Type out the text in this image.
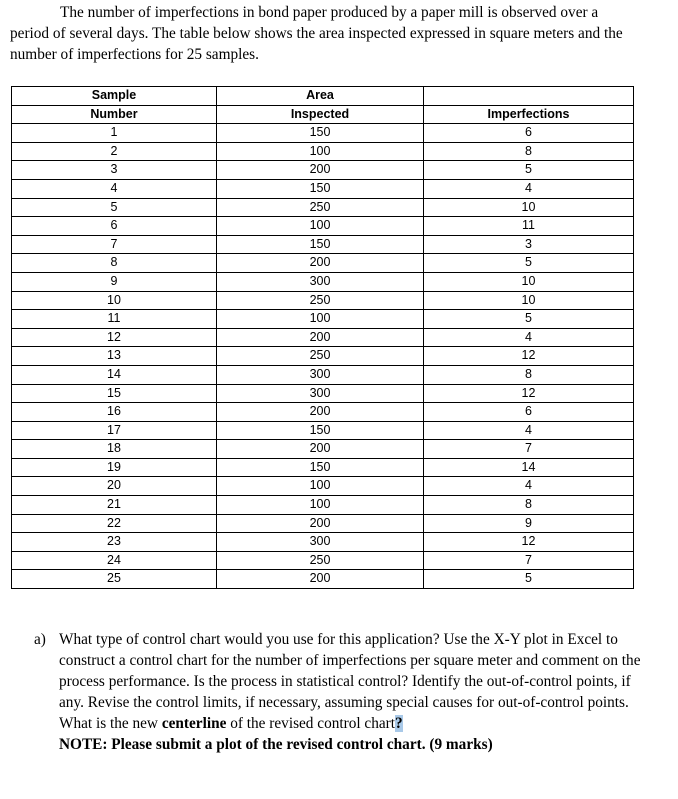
The number of imperfections in bond paper produced by a paper mill is observed over a period of several days. The table below shows the area inspected expressed in square meters and the number of imperfections for 25 samples.

Sample	Area	
Number	Inspected	Imperfections
1	150	6
2	100	8
3	200	5
4	150	4
5	250	10
6	100	11
7	150	3
8	200	5
9	300	10
10	250	10
11	100	5
12	200	4
13	250	12
14	300	8
15	300	12
16	200	6
17	150	4
18	200	7
19	150	14
20	100	4
21	100	8
22	200	9
23	300	12
24	250	7
25	200	5
a) What type of control chart would you use for this application? Use the X-Y plot in Excel to construct a control chart for the number of imperfections per square meter and comment on the process performance. Is the process in statistical control? Identify the out-of-control points, if any. Revise the control limits, if necessary, assuming special causes for out-of-control points. What is the new centerline of the revised control chart?
NOTE: Please submit a plot of the revised control chart. (9 marks)
